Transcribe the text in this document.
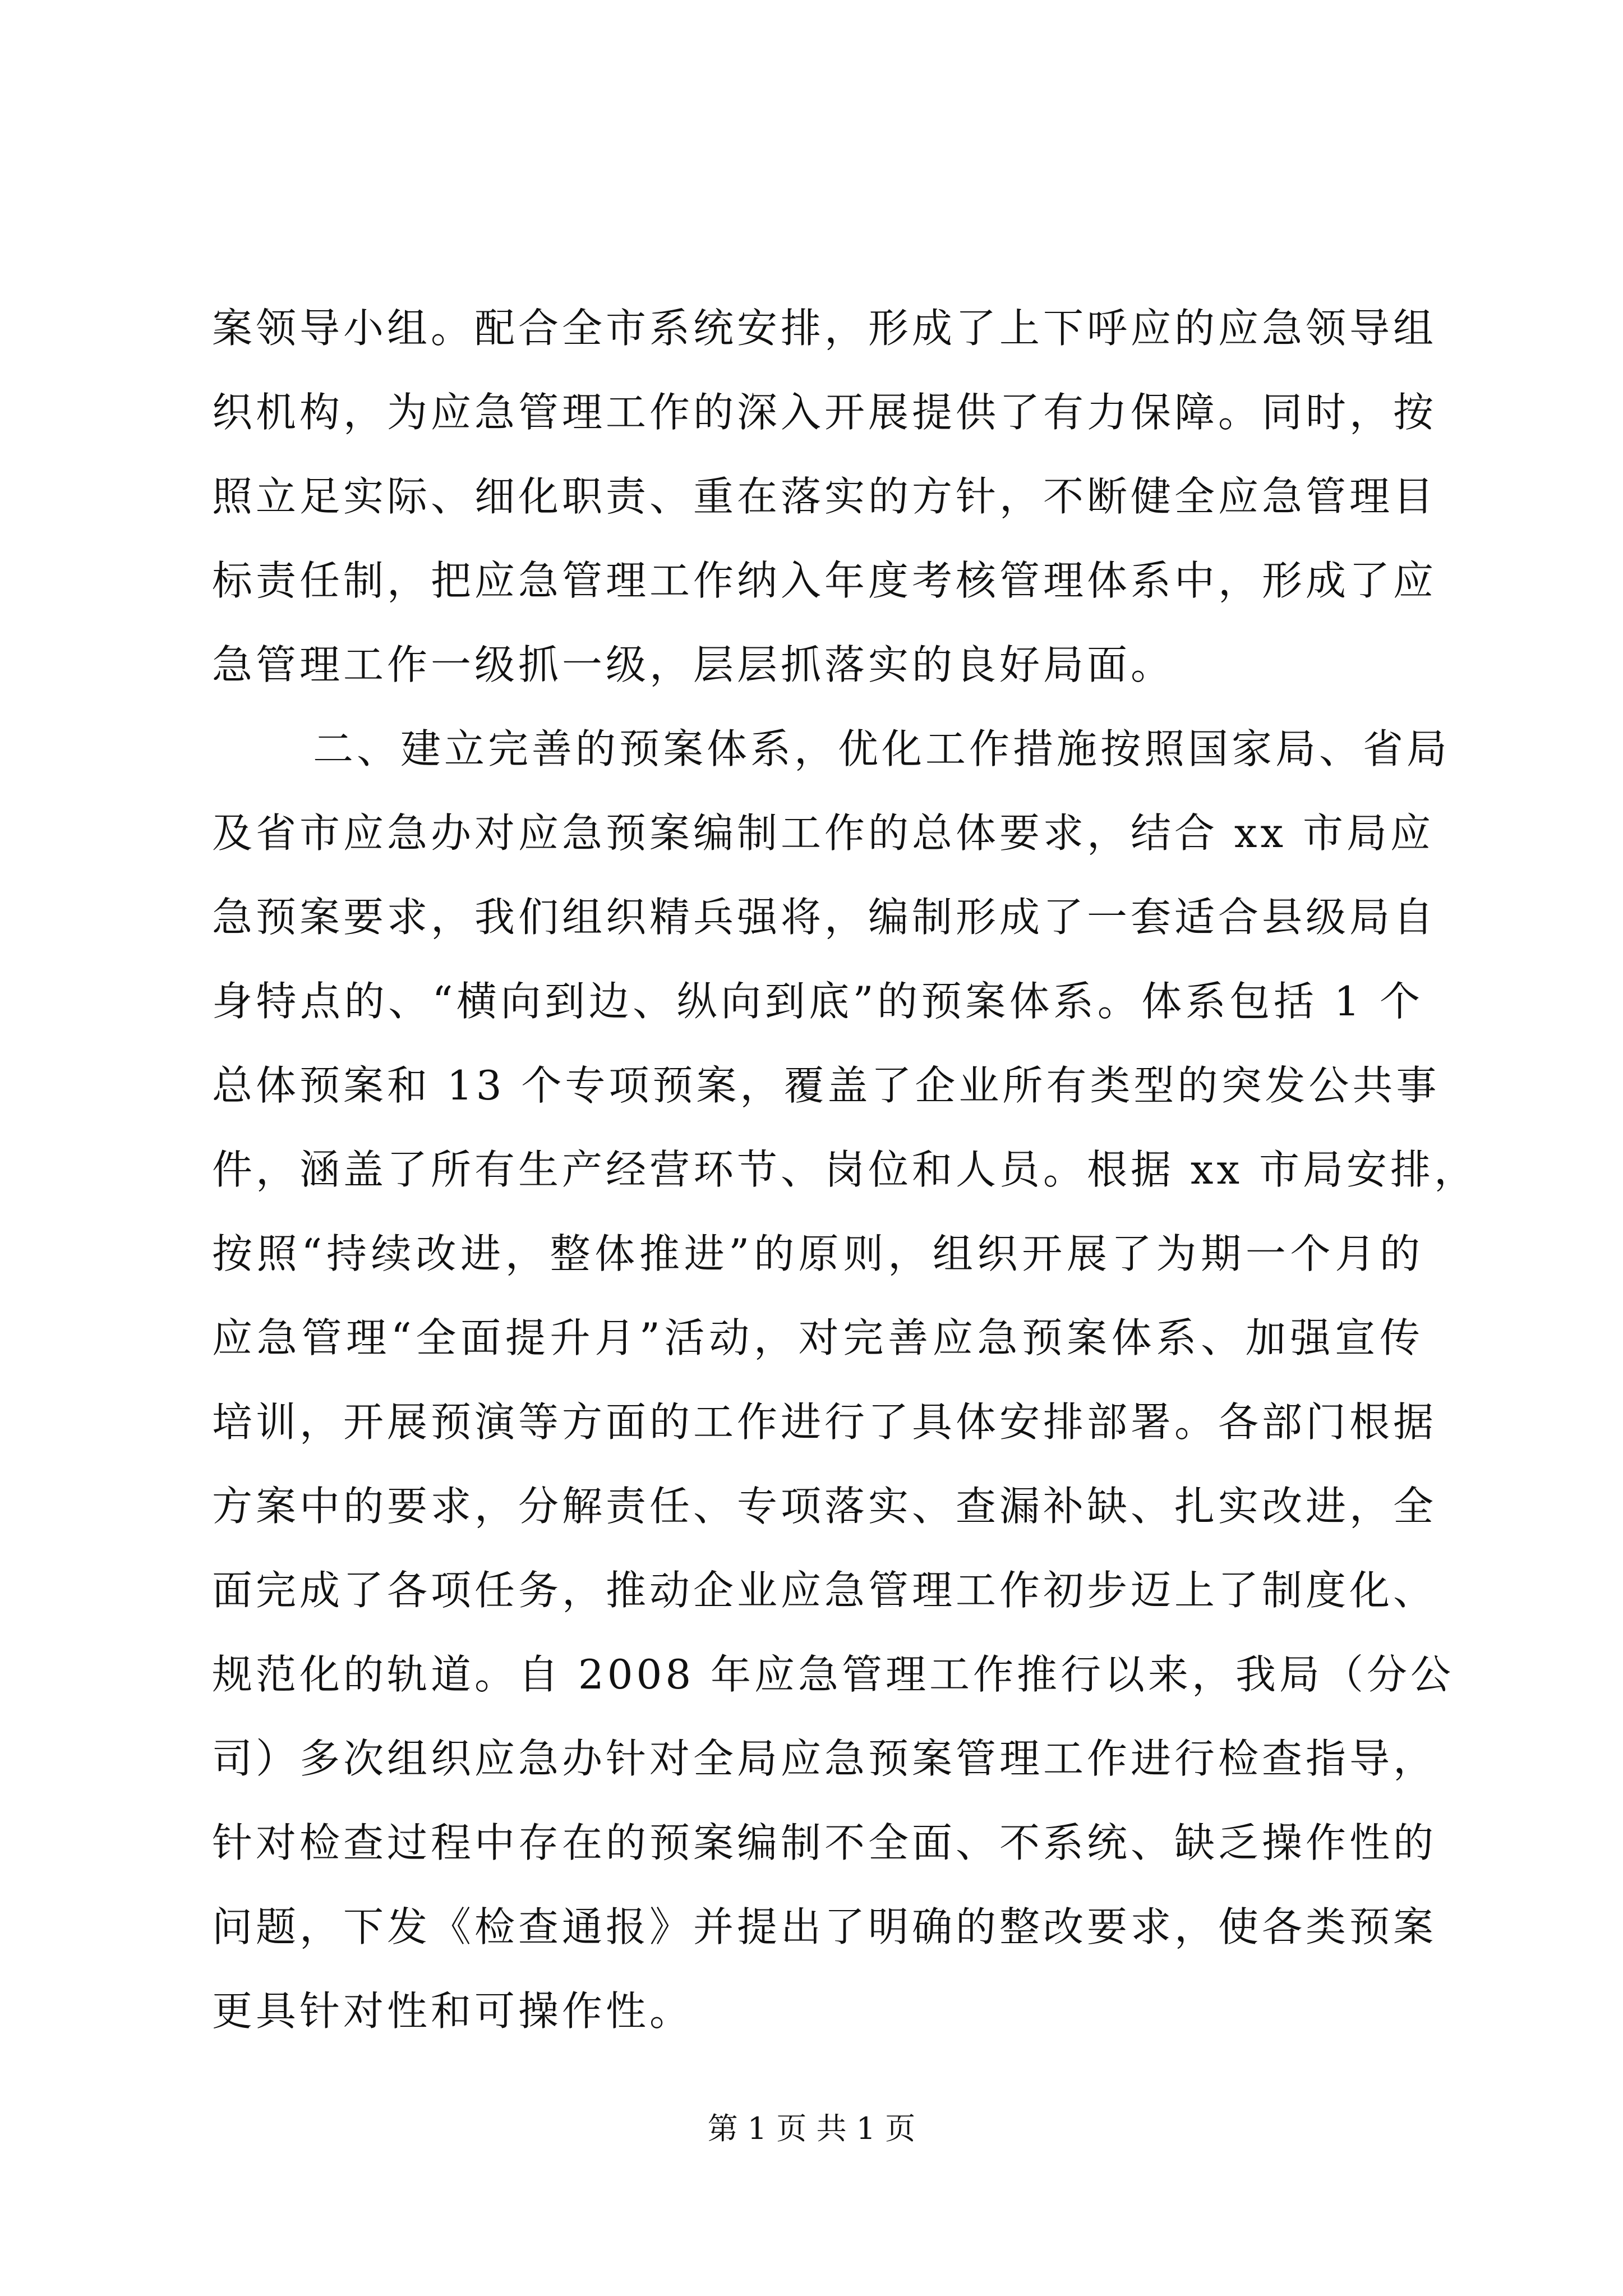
案领导小组。配合全市系统安排，形成了上下呼应的应急领导组
织机构，为应急管理工作的深入开展提供了有力保障。同时，按
照立足实际、细化职责、重在落实的方针，不断健全应急管理目
标责任制，把应急管理工作纳入年度考核管理体系中，形成了应
急管理工作一级抓一级，层层抓落实的良好局面。
二、建立完善的预案体系，优化工作措施按照国家局、省局
及省市应急办对应急预案编制工作的总体要求，结合 xx 市局应
急预案要求，我们组织精兵强将，编制形成了一套适合县级局自
身特点的、“横向到边、纵向到底”的预案体系。体系包括 1 个
总体预案和 13 个专项预案，覆盖了企业所有类型的突发公共事
件，涵盖了所有生产经营环节、岗位和人员。根据 xx 市局安排，
按照“持续改进，整体推进”的原则，组织开展了为期一个月的
应急管理“全面提升月”活动，对完善应急预案体系、加强宣传
培训，开展预演等方面的工作进行了具体安排部署。各部门根据
方案中的要求，分解责任、专项落实、查漏补缺、扎实改进，全
面完成了各项任务，推动企业应急管理工作初步迈上了制度化、
规范化的轨道。自 2008 年应急管理工作推行以来，我局（分公
司）多次组织应急办针对全局应急预案管理工作进行检查指导，
针对检查过程中存在的预案编制不全面、不系统、缺乏操作性的
问题，下发《检查通报》并提出了明确的整改要求，使各类预案
更具针对性和可操作性。
第 1 页 共 1 页
